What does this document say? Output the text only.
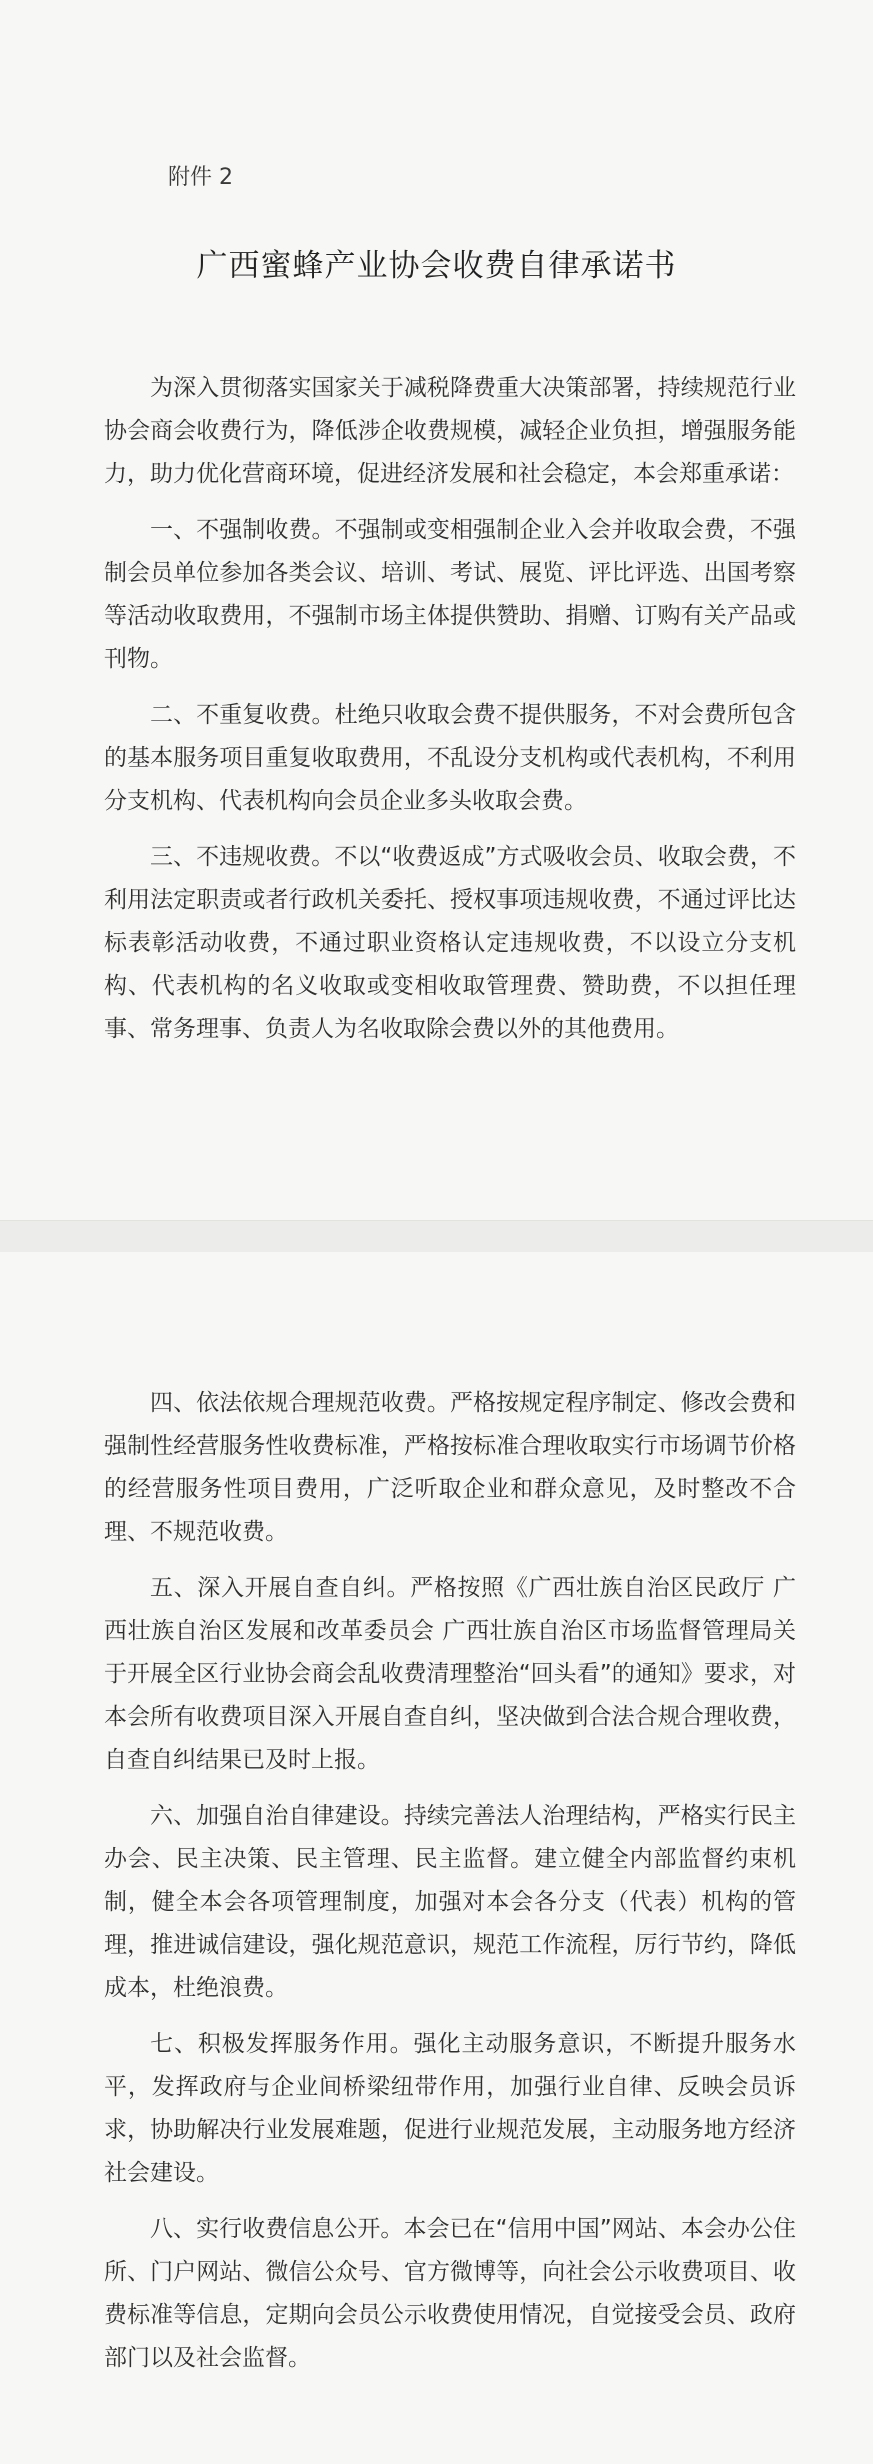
附件 2
广西蜜蜂产业协会收费自律承诺书

为深入贯彻落实国家关于减税降费重大决策部署，持续规范行业协会商会收费行为，降低涉企收费规模，减轻企业负担，增强服务能力，助力优化营商环境，促进经济发展和社会稳定，本会郑重承诺：

一、不强制收费。不强制或变相强制企业入会并收取会费，不强制会员单位参加各类会议、培训、考试、展览、评比评选、出国考察等活动收取费用，不强制市场主体提供赞助、捐赠、订购有关产品或刊物。

二、不重复收费。杜绝只收取会费不提供服务，不对会费所包含的基本服务项目重复收取费用，不乱设分支机构或代表机构，不利用分支机构、代表机构向会员企业多头收取会费。

三、不违规收费。不以“收费返成”方式吸收会员、收取会费，不利用法定职责或者行政机关委托、授权事项违规收费，不通过评比达标表彰活动收费，不通过职业资格认定违规收费，不以设立分支机构、代表机构的名义收取或变相收取管理费、赞助费，不以担任理事、常务理事、负责人为名收取除会费以外的其他费用。

四、依法依规合理规范收费。严格按规定程序制定、修改会费和强制性经营服务性收费标准，严格按标准合理收取实行市场调节价格的经营服务性项目费用，广泛听取企业和群众意见，及时整改不合理、不规范收费。

五、深入开展自查自纠。严格按照《广西壮族自治区民政厅 广西壮族自治区发展和改革委员会 广西壮族自治区市场监督管理局关于开展全区行业协会商会乱收费清理整治“回头看”的通知》要求，对本会所有收费项目深入开展自查自纠，坚决做到合法合规合理收费，自查自纠结果已及时上报。

六、加强自治自律建设。持续完善法人治理结构，严格实行民主办会、民主决策、民主管理、民主监督。建立健全内部监督约束机制，健全本会各项管理制度，加强对本会各分支（代表）机构的管理，推进诚信建设，强化规范意识，规范工作流程，厉行节约，降低成本，杜绝浪费。

七、积极发挥服务作用。强化主动服务意识，不断提升服务水平，发挥政府与企业间桥梁纽带作用，加强行业自律、反映会员诉求，协助解决行业发展难题，促进行业规范发展，主动服务地方经济社会建设。

八、实行收费信息公开。本会已在“信用中国”网站、本会办公住所、门户网站、微信公众号、官方微博等，向社会公示收费项目、收费标准等信息，定期向会员公示收费使用情况，自觉接受会员、政府部门以及社会监督。
